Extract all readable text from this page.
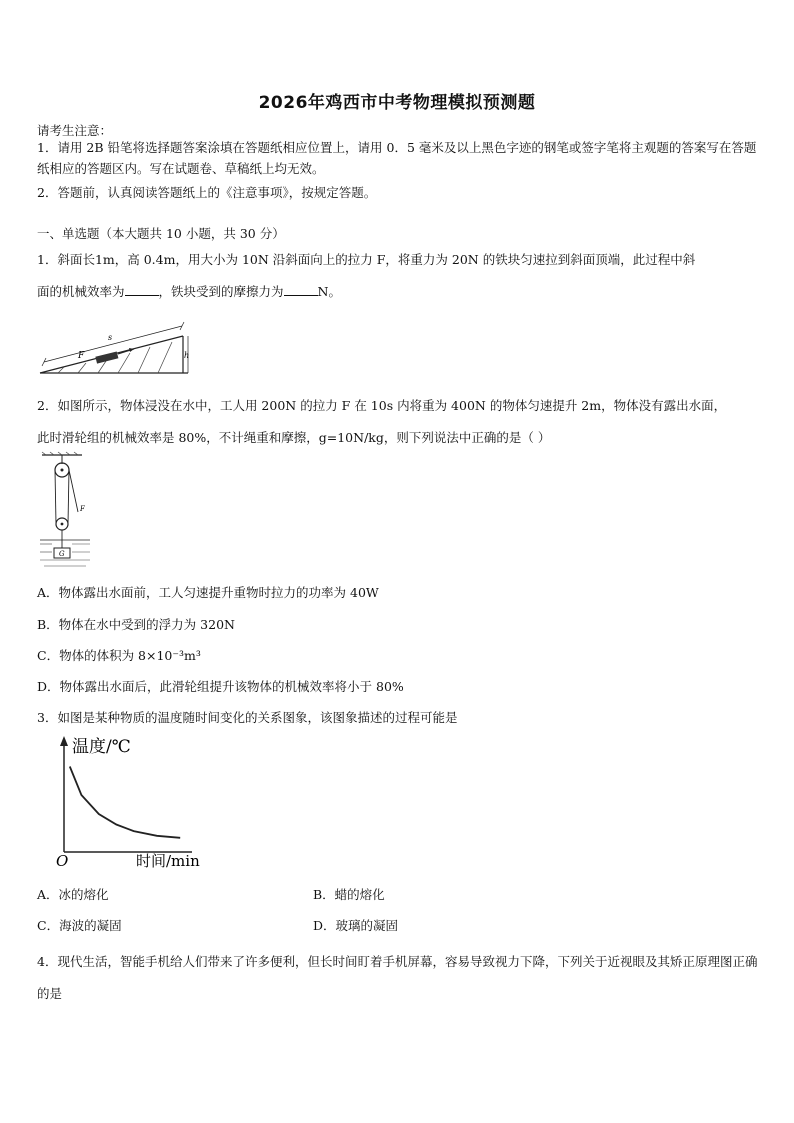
2026年鸡西市中考物理模拟预测题
请考生注意：
1．请用 2B 铅笔将选择题答案涂填在答题纸相应位置上，请用 0．5 毫米及以上黑色字迹的钢笔或签字笔将主观题的答案写在答题纸相应的答题区内。写在试题卷、草稿纸上均无效。
2．答题前，认真阅读答题纸上的《注意事项》，按规定答题。
一、单选题（本大题共 10 小题，共 30 分）
1．斜面长1m，高 0.4m，用大小为 10N 沿斜面向上的拉力 F，将重力为 20N 的铁块匀速拉到斜面顶端，此过程中斜
面的机械效率为	，铁块受到的摩擦力为	N。
s
F	h
2．如图所示，物体浸没在水中，工人用 200N 的拉力 F 在 10s 内将重为 400N 的物体匀速提升 2m，物体没有露出水面，
此时滑轮组的机械效率是 80%，不计绳重和摩擦，g=10N/kg，则下列说法中正确的是（ ）
F
G
A．物体露出水面前，工人匀速提升重物时拉力的功率为 40W
B．物体在水中受到的浮力为 320N
C．物体的体积为 8×10⁻³m³
D．物体露出水面后，此滑轮组提升该物体的机械效率将小于 80%
3．如图是某种物质的温度随时间变化的关系图象，该图象描述的过程可能是
温度/℃
时间/min
O
A．冰的熔化	B．蜡的熔化
C．海波的凝固	D．玻璃的凝固
4．现代生活，智能手机给人们带来了许多便利，但长时间盯着手机屏幕，容易导致视力下降，下列关于近视眼及其矫正原理图正确的是
